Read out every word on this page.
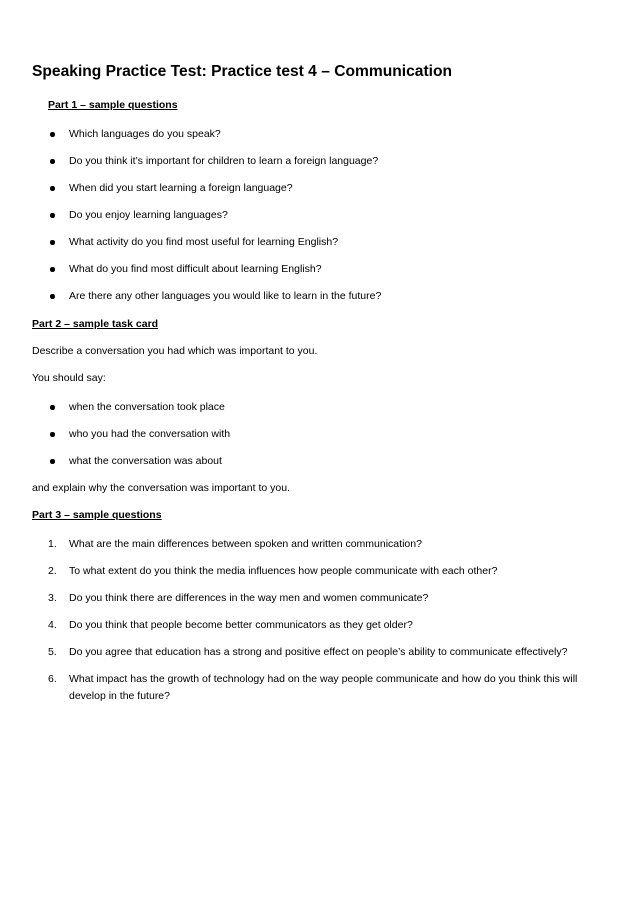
Speaking Practice Test: Practice test 4 – Communication
Part 1 – sample questions
Which languages do you speak?
Do you think it’s important for children to learn a foreign language?
When did you start learning a foreign language?
Do you enjoy learning languages?
What activity do you find most useful for learning English?
What do you find most difficult about learning English?
Are there any other languages you would like to learn in the future?
Part 2 – sample task card
Describe a conversation you had which was important to you.
You should say:
when the conversation took place
who you had the conversation with
what the conversation was about
and explain why the conversation was important to you.
Part 3 – sample questions
1. What are the main differences between spoken and written communication?
2. To what extent do you think the media influences how people communicate with each other?
3. Do you think there are differences in the way men and women communicate?
4. Do you think that people become better communicators as they get older?
5. Do you agree that education has a strong and positive effect on people’s ability to communicate effectively?
6. What impact has the growth of technology had on the way people communicate and how do you think this will develop in the future?
